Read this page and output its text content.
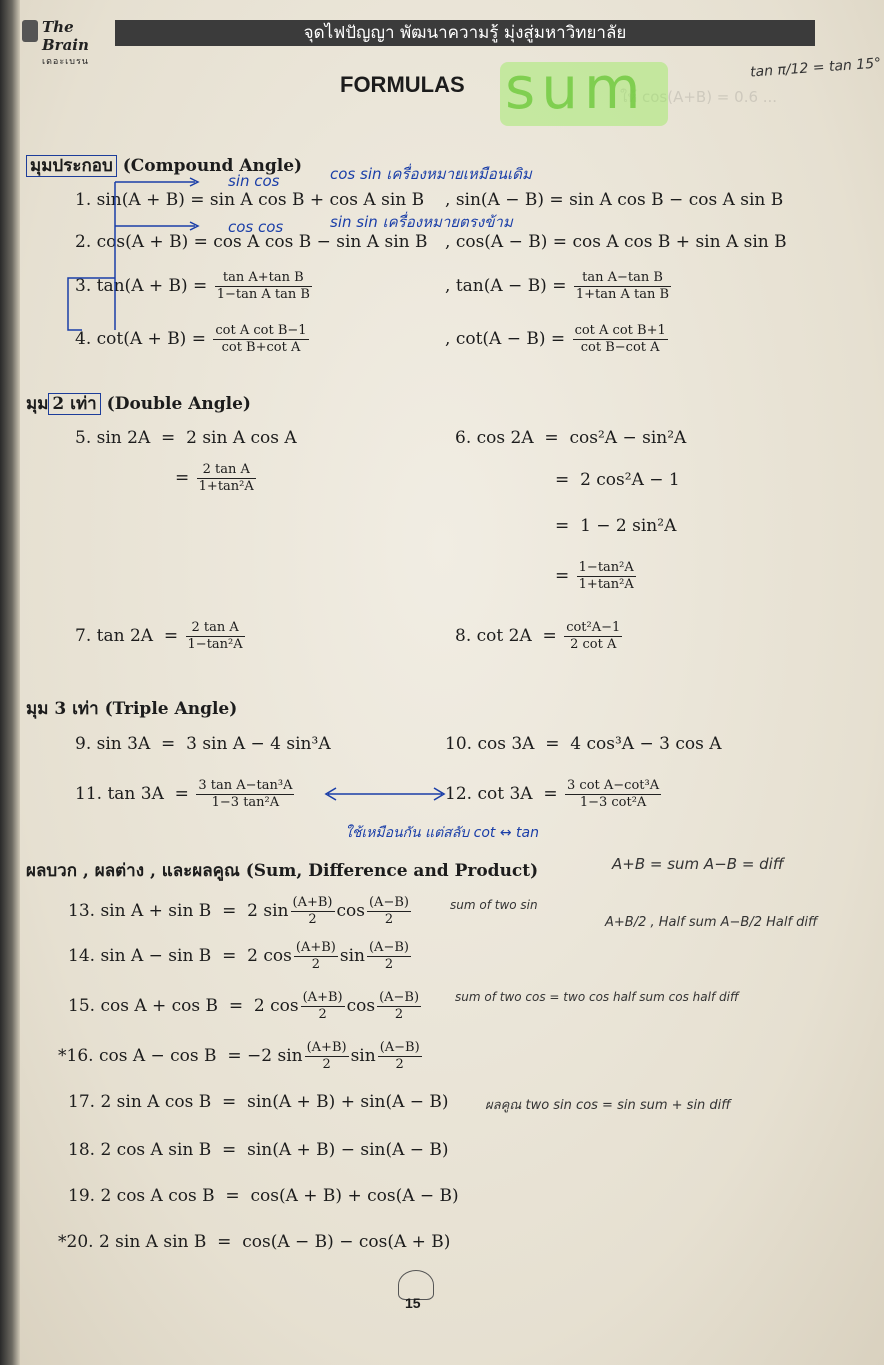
The Brain
เดอะเบรน
จุดไฟปัญญา พัฒนาความรู้ มุ่งสู่มหาวิทยาลัย
ให้ cos(A+B) = 0.6 ...
sum
FORMULAS
tan π/12 = tan 15°
มุมประกอบ (Compound Angle)
sin cos	cos sin เครื่องหมายเหมือนเดิม
1. sin(A + B) = sin A cos B + cos A sin B , sin(A − B) = sin A cos B − cos A sin B
cos cos	sin sin เครื่องหมายตรงข้าม
2. cos(A + B) = cos A cos B − sin A sin B , cos(A − B) = cos A cos B + sin A sin B
3. $\tan(A + B) = \frac{\text{tan A+tan B}}{\text{1−tan A tan B}}$	, $\tan(A - B) = \frac{\text{tan A−tan B}}{\text{1+tan A tan B}}$
4. $\cot(A + B) = \frac{\text{cot A cot B−1}}{\text{cot B+cot A}}$	, $\cot(A - B) = \frac{\text{cot A cot B+1}}{\text{cot B−cot A}}$
มุม 2 เท่า (Double Angle)
5. sin 2A  =  2 sin A cos A
= $\frac{\text{2 tan A}}{\text{1+tan²A}}$
6. cos 2A  =  cos²A − sin²A
=  2 cos²A − 1
=  1 − 2 sin²A
= $\frac{\text{1−tan²A}}{\text{1+tan²A}}$
7. $\tan 2A = \frac{\text{2 tan A}}{\text{1−tan²A}}$	8. $\cot 2A = \frac{\text{cot²A−1}}{\text{2 cot A}}$
มุม 3 เท่า (Triple Angle)
9. sin 3A  =  3 sin A − 4 sin³A	10. cos 3A  =  4 cos³A − 3 cos A
11. $\tan 3A = \frac{\text{3 tan A−tan³A}}{\text{1−3 tan²A}}$	12. $\cot 3A = \frac{\text{3 cot A−cot³A}}{\text{1−3 cot²A}}$
ใช้เหมือนกัน แต่สลับ cot ↔ tan
ผลบวก , ผลต่าง , และผลคูณ (Sum, Difference and Product)	A+B = sum A−B = diff
A+B/2 , Half sum A−B/2 Half diff
13. sin A + sin B  =  2 $\sin \frac{(A+B)}{2}$ $\cos \frac{(A-B)}{2}$	sum of two sin
14. sin A − sin B  =  2 $\cos \frac{(A+B)}{2}$ $\sin \frac{(A-B)}{2}$
15. cos A + cos B  =  2 $\cos \frac{(A+B)}{2}$ $\cos \frac{(A-B)}{2}$	sum of two cos = two cos half sum cos half diff
*16. cos A − cos B  = −2 $\sin \frac{(A+B)}{2}$ $\sin \frac{(A-B)}{2}$
17. 2 sin A cos B  =  sin(A + B) + sin(A − B)	ผลคูณ two sin cos = sin sum + sin diff
18. 2 cos A sin B  =  sin(A + B) − sin(A − B)
19. 2 cos A cos B  =  cos(A + B) + cos(A − B)
*20. 2 sin A sin B  =  cos(A − B) − cos(A + B)
15
